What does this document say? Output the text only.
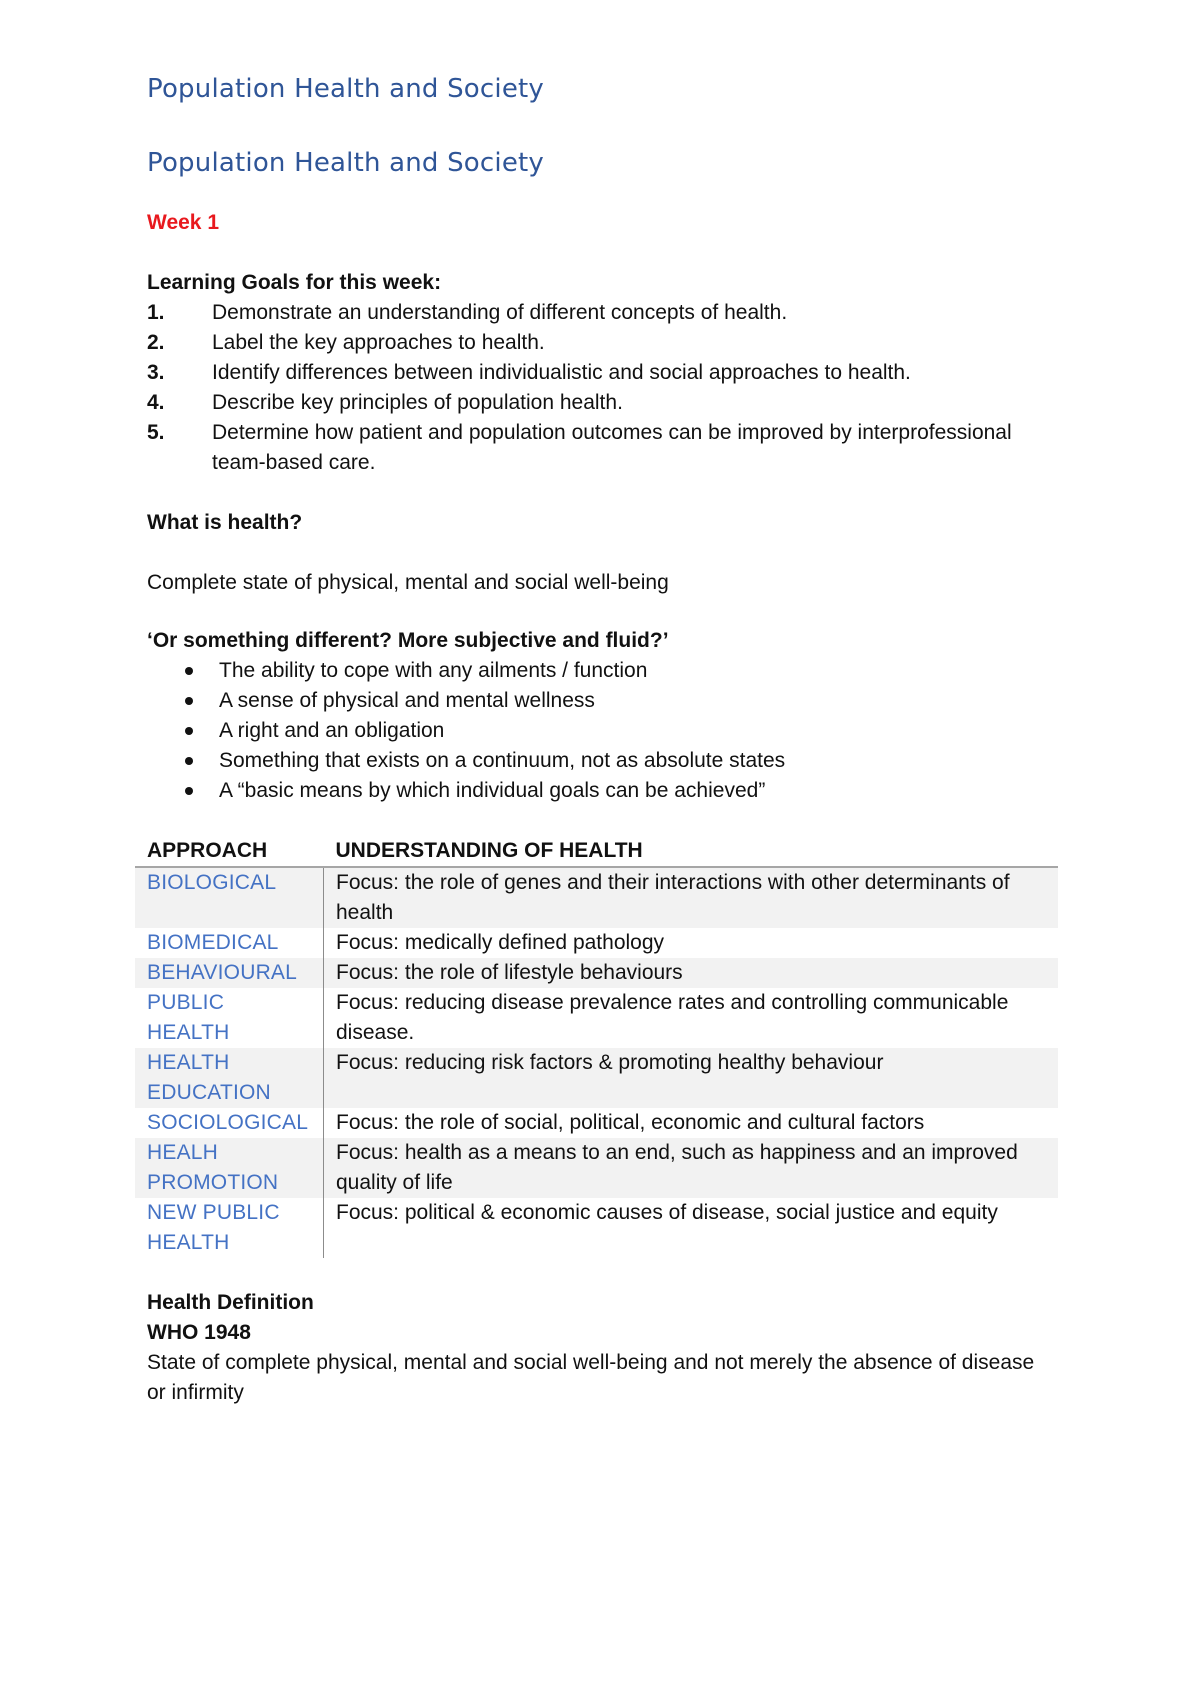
Population Health and Society
Population Health and Society
Week 1
Learning Goals for this week:
1. Demonstrate an understanding of different concepts of health.
2. Label the key approaches to health.
3. Identify differences between individualistic and social approaches to health.
4. Describe key principles of population health.
5. Determine how patient and population outcomes can be improved by interprofessional team-based care.
What is health?
Complete state of physical, mental and social well-being
‘Or something different? More subjective and fluid?’
The ability to cope with any ailments / function
A sense of physical and mental wellness
A right and an obligation
Something that exists on a continuum, not as absolute states
A “basic means by which individual goals can be achieved”
APPROACH	UNDERSTANDING OF HEALTH
BIOLOGICAL	Focus: the role of genes and their interactions with other determinants of health
BIOMEDICAL	Focus: medically defined pathology
BEHAVIOURAL	Focus: the role of lifestyle behaviours
PUBLIC HEALTH	Focus: reducing disease prevalence rates and controlling communicable disease.
HEALTH EDUCATION	Focus: reducing risk factors & promoting healthy behaviour
SOCIOLOGICAL	Focus: the role of social, political, economic and cultural factors
HEALH PROMOTION	Focus: health as a means to an end, such as happiness and an improved quality of life
NEW PUBLIC HEALTH	Focus: political & economic causes of disease, social justice and equity
Health Definition
WHO 1948
State of complete physical, mental and social well-being and not merely the absence of disease or infirmity
